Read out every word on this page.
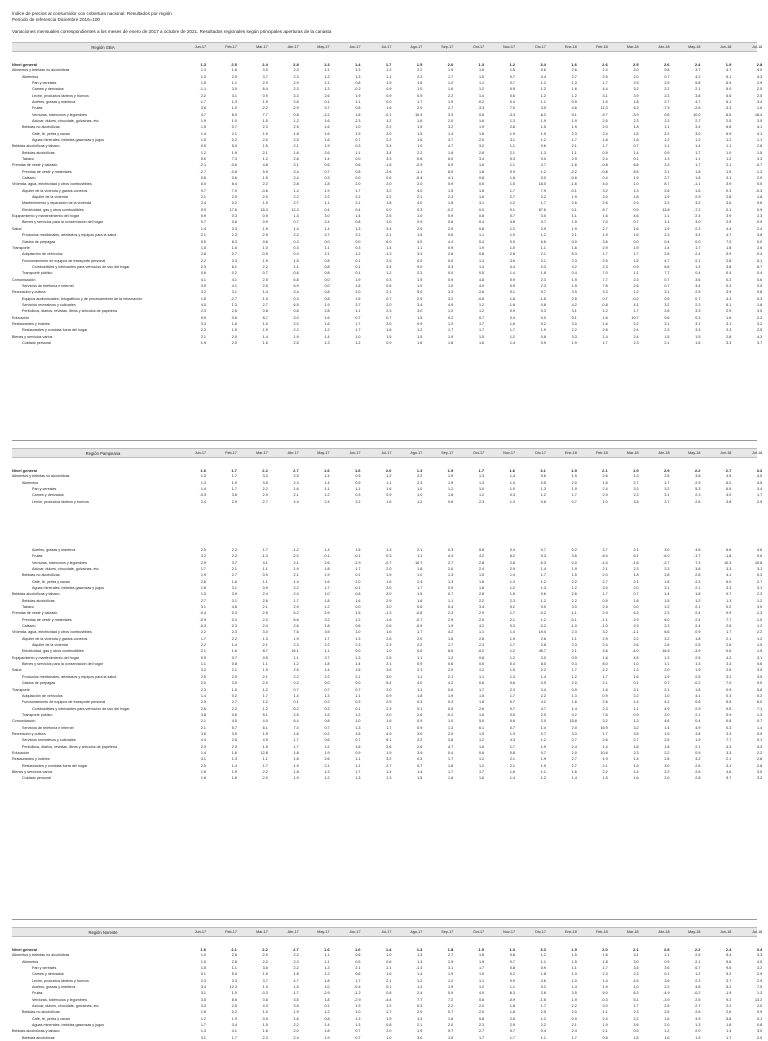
Índice de precios al consumidor con cobertura nacional. Resultados por región
Período de referencia Diciembre 2016=100
Variaciones mensuales correspondientes a los meses de enero de 2017 a octubre de 2021. Resultados regionales según principales aperturas de la canasta
Región GBA	Jun-17	Feb-17	Mar-17	Abr-17	May-17	Jun-17	Jul-17	Ago-17	Sep-17	Oct-17	Nov-17	Dic-17	Ene-18	Feb-18	Mar-18	Abr-18	May-18	Jun-18	Jul-18
Nivel general	1.3	2.5	2.4	2.8	1.3	1.4	1.7	1.5	2.0	1.3	1.2	3.4	1.6	2.6	2.5	2.6	2.4	1.9	2.8
Alimentos y bebidas no alcohólicas	1.3	1.6	3.5	2.3	1.1	1.3	1.2	2.2	1.9	1.6	1.5	0.6	2.6	2.4	2.0	0.8	3.7	4.7	4.0
Alimentos	1.3	2.0	3.7	2.3	1.3	1.3	1.1	2.3	1.7	1.5	0.7	0.4	2.7	2.5	2.0	0.7	4.2	5.1	4.3
Pan y cereales	1.5	1.1	2.0	2.9	2.1	0.8	1.9	1.6	1.2	1.1	0.7	1.2	1.3	1.7	2.9	2.9	5.8	6.9	2.9
Carnes y derivados	-1.1	3.0	6.4	2.3	1.3	-0.2	0.9	1.0	1.6	1.2	0.9	1.2	1.6	4.4	3.2	2.2	2.1	5.0	2.5
Leche, productos lácteos y huevos	2.2	3.1	0.9	3.3	2.6	1.9	0.9	0.9	2.2	1.4	0.6	1.2	1.2	3.1	3.9	2.3	3.8	5.6	2.5
Aceites, grasas y manteca	1.7	1.3	1.9	2.6	0.1	1.1	0.0	1.7	1.9	-0.2	0.4	1.1	0.9	1.5	1.8	2.7	4.7	6.1	3.4
Frutas	3.6	1.0	-2.2	-2.9	3.7	0.8	1.6	2.0	2.7	3.3	7.0	3.0	4.6	11.3	6.3	-7.5	-2.6	-3.3	1.6
Verduras, tubérculos y legumbres	4.7	8.9	7.7	0.8	-2.2	1.8	-0.1	10.3	3.3	0.6	-3.3	-8.2	9.1	-9.7	-3.9	0.6	10.0	6.5	16.4
Azúcar, dulces, chocolate, golosinas, etc.	1.9	1.0	1.5	1.2	1.6	2.3	1.2	1.6	2.0	1.6	1.3	1.9	1.9	2.5	2.3	1.3	2.7	2.5	3.5
Bebidas no alcohólicas	1.5	0.7	2.3	2.5	1.6	1.0	2.2	1.5	3.2	1.9	2.8	1.5	1.9	2.0	1.8	1.1	3.4	6.8	4.1
Café, té, yerba y cacao	1.4	2.1	1.9	1.8	1.6	1.9	2.0	1.5	1.4	1.6	1.9	1.9	2.3	2.4	1.5	2.2	3.0	6.9	4.1
Aguas minerales, bebidas gaseosas y jugos	1.5	0.2	2.0	2.5	1.6	0.7	2.2	1.6	3.7	2.0	3.1	1.2	1.7	1.8	1.6	1.2	1.2	1.2	1.1
Bebidas alcohólicas y tabaco	0.5	5.0	1.5	2.1	1.9	0.3	3.4	1.0	4.7	3.2	1.1	0.6	2.1	1.7	0.7	1.1	1.4	1.1	2.6
Bebidas alcohólicas	1.2	1.9	2.1	1.6	2.6	1.1	3.4	2.2	1.6	2.8	2.1	1.3	1.1	0.9	1.4	0.9	1.7	1.0	1.5
Tabaco	0.0	7.3	1.2	2.8	1.4	0.0	3.3	0.6	6.0	3.4	0.3	0.0	2.9	2.4	0.1	1.3	1.1	1.2	3.3
Prendas de vestir y calzado	-2.1	-0.6	4.8	3.1	0.6	0.6	-1.6	-0.9	0.9	1.6	1.1	0.7	-1.6	-0.8	6.8	3.3	1.7	2.1	-0.7
Prendas de vestir y materiales	-2.7	-0.8	5.9	3.4	0.7	0.8	-2.6	-1.1	8.5	1.8	0.9	1.2	-2.2	-0.8	8.5	3.1	1.8	1.5	-1.3
Calzado	0.6	0.6	1.5	2.4	0.3	0.0	0.6	-0.4	4.1	0.8	1.8	0.0	-0.6	0.4	1.9	3.7	1.8	3.1	2.0
Vivienda, agua, electricidad y otros combustibles	0.0	8.4	2.2	2.8	1.8	2.0	2.0	2.0	0.9	0.5	1.5	18.0	-1.6	4.0	1.0	8.7	-1.1	3.9	0.0
Alquiler de la vivienda y gastos conexos	0.7	7.0	-0.6	1.4	1.9	1.7	3.2	4.0	1.5	1.6	1.7	7.9	-0.1	3.2	1.3	2.6	1.6	0.3	-0.3
Alquiler de la vivienda	2.1	2.0	2.0	2.2	2.2	2.2	2.2	2.1	2.3	1.6	2.7	2.2	1.9	2.0	1.8	1.9	2.9	2.8	1.8
Mantenimiento y reparación de la vivienda	2.4	0.2	1.5	2.7	1.1	2.1	1.8	4.0	1.8	3.1	1.2	1.7	2.6	2.6	2.9	2.2	3.2	3.6	0.6
Electricidad, gas y otros combustibles	0.0	17.6	15.3	12.3	0.4	0.4	0.0	0.3	-0.2	0.0	0.1	57.6	0.1	8.7	0.9	13.8	-7.2	0.1	0.9
Equipamiento y mantenimiento del hogar	0.9	0.3	0.9	1.3	3.0	1.4	2.5	1.0	0.9	0.8	0.7	3.0	1.1	1.6	4.6	1.1	2.3	3.9	2.3
Bienes y servicios para la conservación del hogar	0.7	0.6	0.9	0.7	2.4	0.8	1.0	0.9	0.6	0.4	4.8	0.7	1.9	7.0	0.7	1.1	3.0	2.9	0.9
Salud	1.4	3.3	1.9	1.4	1.4	1.3	3.4	2.9	2.0	0.8	1.2	2.9	1.9	2.7	1.6	1.9	2.3	4.4	2.4
Productos medicinales, artefactos y equipos para la salud	2.1	2.3	2.9	2.2	2.7	2.2	2.1	1.5	0.6	1.1	1.9	1.2	2.1	1.9	1.6	2.3	3.4	4.7	3.8
Gastos de prepagas	0.0	6.3	0.6	0.3	0.0	0.0	6.0	4.9	4.4	0.4	0.0	6.6	0.0	3.6	0.0	0.4	0.0	7.0	0.0
Transporte	1.0	1.0	1.0	0.3	1.1	0.3	1.4	1.1	0.9	1.9	1.0	1.1	1.6	2.9	1.9	1.4	1.7	1.8	2.6
Adquisición de vehículos	2.8	0.7	-0.5	0.4	2.1	1.2	-1.3	3.4	2.6	0.8	2.8	2.1	5.3	1.7	1.7	2.8	2.4	0.9	0.4
Funcionamiento de equipos de transporte personal	2.2	3.3	1.9	1.5	0.8	0.1	2.6	0.0	0.0	1.3	3.6	2.1	2.3	2.5	1.5	4.7	2.1	2.8	5.1
Combustibles y lubricantes para vehículos de uso del hogar	2.3	6.1	2.2	1.1	0.8	0.1	3.4	0.0	0.3	1.4	4.4	0.3	4.2	2.3	0.9	6.6	1.3	3.8	6.7
Transporte público	0.6	0.2	0.7	-0.8	0.8	0.1	1.2	2.3	0.0	0.5	1.4	1.6	0.4	7.0	1.1	7.7	0.4	0.4	0.4
Comunicación	4.1	4.1	2.5	6.8	0.0	1.9	0.3	1.9	0.9	4.8	0.9	2.3	1.9	7.7	2.3	0.7	3.6	0.2	0.6
Servicios de telefonía e internet	3.9	4.1	2.5	6.9	0.0	1.6	0.6	1.9	1.0	4.9	0.9	2.3	1.9	7.6	2.6	0.7	3.4	0.3	0.0
Recreación y cultura	3.2	3.1	1.4	3.4	0.8	2.0	2.1	5.0	3.3	2.6	0.1	0.7	3.9	3.3	1.2	2.1	2.5	3.9	0.8
Equipos audiovisuales, fotográficos y de procesamiento de la información	1.5	-2.7	1.3	0.3	0.8	1.5	0.7	2.9	3.2	-0.6	1.8	-1.6	2.5	0.7	-0.2	0.9	0.7	4.3	0.3
Servicios recreativos y culturales	4.0	1.3	2.7	6.5	1.9	3.7	2.0	3.4	4.9	1.2	-1.6	0.8	4.2	-0.8	4.1	3.2	2.3	5.1	1.8
Periódicos, diarios, revistas, libros y artículos de papelería	2.3	2.6	0.8	0.8	2.8	1.1	2.3	3.0	1.2	1.2	0.9	0.3	3.1	1.2	1.7	2.6	3.3	2.9	3.5
Educación	0.5	0.6	8.7	3.0	1.6	0.7	0.7	1.5	0.2	0.7	0.4	0.0	0.1	1.6	10.7	0.6	0.3	1.6	2.2
Restaurantes y hoteles	3.3	1.6	1.0	2.0	1.6	1.7	2.0	0.9	1.2	1.7	1.6	0.2	3.0	1.6	2.2	2.1	3.1	3.1	3.2
Restaurantes y comidas fuera del hogar	2.3	1.9	1.9	2.2	1.2	1.7	1.6	1.2	1.7	1.7	1.7	1.9	2.2	2.8	2.4	2.3	3.3	3.3	2.5
Bienes y servicios varios	2.1	2.0	1.4	1.9	1.4	1.0	1.5	1.5	1.9	1.5	1.2	0.8	3.3	1.4	2.4	1.5	1.5	2.8	4.3
Cuidado personal	1.9	2.0	1.5	2.5	1.3	1.2	0.9	1.6	1.8	1.6	1.4	0.9	1.9	1.7	2.3	2.1	1.6	3.3	3.7
Región Pampeana	Jun-17	Feb-17	Mar-17	Abr-17	May-17	Jun-17	Jul-17	Ago-17	Sep-17	Oct-17	Nov-17	Dic-17	Ene-18	Feb-18	Mar-18	Abr-18	May-18	Jun-18	Jul-18
Nivel general	1.6	1.7	2.2	2.7	1.6	1.6	2.0	1.3	1.9	1.7	1.6	3.1	1.9	2.1	1.9	2.9	2.2	2.7	3.3
Alimentos y bebidas no alcohólicas	1.3	1.7	3.3	2.5	1.4	0.9	1.2	2.2	1.9	1.3	1.4	0.6	1.9	2.6	1.3	2.6	3.8	4.5	4.0
Alimentos	1.3	1.9	3.5	2.3	1.4	0.9	1.1	2.3	1.9	1.3	1.3	0.5	2.0	1.6	2.7	1.7	2.9	6.0	4.5
Pan y cereales	1.4	1.7	2.2	1.6	1.1	1.1	1.6	1.0	1.2	1.0	1.0	1.3	1.9	2.4	3.3	3.2	5.3	6.5	3.4
Carnes y derivados	-0.3	3.6	2.9	2.1	1.2	0.3	0.9	1.0	1.6	1.2	0.3	1.2	1.7	2.9	2.3	3.1	2.3	4.0	1.7
Leche, productos lácteos y huevos	2.4	2.9	2.7	4.4	2.4	2.2	1.6	1.2	0.6	2.3	1.3	0.6	0.7	1.0	3.5	3.7	2.6	3.8	2.9
Aceites, grasas y manteca	2.5	2.2	1.7	-1.2	1.4	1.5	1.3	2.1	0.3	0.8	0.4	0.7	0.2	3.7	2.1	3.0	4.6	6.6	4.6
Frutas	3.2	2.2	-1.3	-2.0	-0.1	-0.1	0.3	1.1	4.4	4.2	6.2	0.3	3.6	8.4	6.1	-6.0	-1.7	-1.8	0.6
Verduras, tubérculos y legumbres	2.9	3.7	4.1	2.1	2.6	-2.9	-0.7	10.7	2.7	2.8	2.8	-9.3	0.0	-4.3	-1.6	-2.7	7.3	10.3	10.6
Azúcar, dulces, chocolate, golosinas, etc.	1.7	2.1	1.1	1.9	1.8	1.7	2.0	1.8	2.0	2.4	2.9	1.4	1.9	2.1	2.3	2.3	3.8	3.3	3.1
Bebidas no alcohólicas	1.9	2.7	0.9	2.1	1.9	0.1	1.9	1.0	1.3	1.5	1.4	1.7	1.5	2.0	1.8	2.8	2.8	4.1	0.3
Café, té, yerba y cacao	2.6	1.6	1.1	1.4	1.6	2.0	1.6	2.4	1.3	1.6	1.3	1.2	2.2	2.7	2.1	1.8	2.3	6.0	2.7
Aguas minerales, bebidas gaseosas y jugos	1.6	3.1	0.9	2.2	1.7	-0.1	2.0	1.7	0.9	1.6	1.2	1.3	1.2	3.0	2.0	2.1	2.1	3.3	3.1
Bebidas alcohólicas y tabaco	1.3	3.9	2.4	2.4	1.0	0.8	2.0	1.5	0.7	2.8	1.6	0.6	2.6	1.7	0.7	1.4	1.8	0.7	2.3
Bebidas alcohólicas	2.7	3.1	2.6	1.7	1.8	1.6	2.9	1.6	1.1	2.2	2.3	1.2	2.2	0.9	1.8	1.5	1.2	1.3	1.2
Tabaco	3.1	4.6	2.1	2.9	1.2	0.0	3.0	0.6	0.4	3.4	0.2	0.0	3.0	2.5	0.0	1.2	2.1	0.2	3.0
Prendas de vestir y calzado	-0.4	0.3	2.5	5.2	2.9	1.5	-1.3	-0.8	2.3	2.9	1.7	-0.2	-1.1	2.9	6.3	2.3	2.4	0.9	-1.3
Prendas de vestir y materiales	-0.9	0.3	2.3	6.6	3.2	1.2	-1.6	-0.7	2.9	2.5	2.1	1.2	-0.1	-1.1	2.9	6.0	2.4	7.7	-1.0
Calzado	-0.3	0.3	2.4	2.6	1.8	0.6	0.6	-0.9	1.9	4.2	0.3	-0.2	-1.0	-1.0	2.9	2.3	2.4	2.6	1.2
Vivienda, agua, electricidad y otros combustibles	2.2	2.3	3.0	7.6	3.9	1.0	1.6	1.7	4.2	1.1	1.4	19.0	2.3	3.2	-1.1	6.6	0.9	1.7	2.2
Alquiler de la vivienda y gastos conexos	1.7	2.2	1.3	1.9	1.7	1.3	2.6	2.0	1.6	2.8	1.9	2.6	1.1	2.9	2.2	3.2	1.8	2.1	1.2
Alquiler de la vivienda	2.2	1.4	2.1	2.3	2.2	2.3	2.3	2.2	1.7	2.3	1.7	2.8	2.3	2.4	2.6	2.6	2.5	2.6	1.5
Electricidad, gas y otros combustibles	2.1	1.6	8.7	16.1	1.1	0.0	1.0	0.0	8.5	-0.2	1.2	45.7	2.1	3.6	-4.0	16.6	-3.9	0.6	1.5
Equipamiento y mantenimiento del hogar	0.9	0.7	0.5	1.1	2.7	1.3	2.5	1.1	1.2	0.8	1.2	3.0	0.9	1.6	4.5	1.3	2.5	4.2	3.1
Bienes y servicios para la conservación del hogar	1.1	0.8	1.1	1.2	1.8	1.4	2.1	0.9	0.6	0.5	0.4	8.0	0.3	8.0	1.0	1.1	1.3	3.3	0.6
Salud	3.2	2.1	1.9	2.5	1.4	1.6	3.6	2.1	2.0	1.2	1.5	2.2	1.7	2.2	1.3	2.0	1.9	2.6	3.0
Productos medicinales, artefactos y equipos para la salud	2.5	2.0	2.1	2.2	2.2	2.1	3.0	1.1	2.1	1.1	1.3	1.4	1.2	1.7	1.6	1.9	2.5	3.2	3.5
Gastos de prepagas	2.0	3.0	2.0	0.2	0.0	0.0	5.4	4.0	4.2	0.6	0.6	0.9	2.0	2.1	0.1	0.7	-0.2	7.0	0.0
Transporte	2.3	1.0	1.2	0.7	0.7	0.7	2.0	1.1	0.6	1.7	2.3	3.4	0.9	1.6	3.1	2.1	1.8	0.9	5.8
Adquisición de vehículos	1.4	0.2	1.7	1.4	1.3	1.1	0.9	1.8	1.9	1.5	1.7	2.2	1.3	0.9	2.2	1.0	4.1	0.3	0.2
Funcionamiento de equipos de transporte personal	2.5	2.7	1.2	0.1	0.2	0.3	2.9	0.3	0.3	1.8	0.7	4.2	1.6	2.6	1.4	4.2	0.6	5.5	6.0
Combustibles y lubricantes para vehículos de uso del hogar	2.6	2.2	1.2	-0.2	0.3	0.1	2.3	0.1	0.5	2.6	0.7	4.7	1.4	2.3	1.1	4.9	2.9	0.5	7.1
Transporte público	3.8	0.6	5.1	2.5	1.5	1.2	2.0	2.6	-0.2	1.6	0.5	2.0	0.2	7.6	0.9	2.0	2.1	0.9	1.3
Comunicación	2.1	4.0	4.0	6.4	0.8	1.0	1.6	0.9	1.0	5.0	0.6	2.0	15.8	3.2	1.3	4.6	0.4	0.8	0.7
Servicios de telefonía e internet	2.1	5.7	6.1	7.4	0.7	1.3	1.7	0.9	1.3	6.1	0.7	1.4	2.0	15.9	3.2	1.4	4.9	0.3	1.4
Recreación y cultura	3.6	3.9	1.9	1.6	-0.2	1.6	4.9	3.0	2.0	1.9	1.3	0.7	3.3	1.7	3.5	1.9	3.8	3.3	0.9
Servicios recreativos y culturales	4.4	2.6	4.9	1.7	0.6	0.7	6.1	2.2	3.8	1.2	4.3	1.2	0.7	2.6	2.7	2.5	1.9	7.7	0.1
Periódicos, diarios, revistas, libros y artículos de papelería	2.3	2.0	1.5	1.7	2.2	1.8	2.6	2.6	4.7	1.6	1.7	1.9	2.4	1.4	1.8	1.8	2.1	4.3	4.3
Educación	1.4	1.6	12.8	1.8	1.9	0.9	1.9	3.9	0.4	0.6	0.8	0.7	2.0	10.6	2.3	2.2	0.9	3.3	2.2
Restaurantes y hoteles	3.1	1.3	1.1	1.8	2.6	1.1	3.2	0.3	1.7	1.2	2.1	1.9	2.7	1.9	1.4	2.8	3.2	2.1	2.8
Restaurantes y comidas fuera del hogar	2.5	1.4	1.7	1.9	2.1	1.1	2.7	0.7	1.8	1.2	2.1	1.9	2.7	2.1	1.9	3.0	2.6	3.1	2.8
Bienes y servicios varios	1.6	1.9	2.2	1.8	1.3	1.7	1.4	1.4	1.7	1.7	1.6	1.1	1.6	2.2	1.4	2.2	2.6	4.6	3.0
Cuidado personal	1.6	1.6	2.0	1.9	1.2	1.3	1.3	1.5	1.6	1.6	1.4	1.2	1.4	1.5	1.6	2.0	2.8	5.7	3.2
Región Noreste	Jun-17	Feb-17	Mar-17	Abr-17	May-17	Jun-17	Jul-17	Ago-17	Sep-17	Oct-17	Nov-17	Dic-17	Ene-18	Feb-18	Mar-18	Abr-18	May-18	Jun-18	Jul-18
Nivel general	1.6	2.1	2.2	2.7	1.6	1.6	1.4	1.3	1.8	1.9	1.3	3.3	1.9	2.0	2.1	2.8	2.2	2.4	3.4
Alimentos y bebidas no alcohólicas	1.0	2.6	2.0	2.2	1.1	0.6	1.0	1.3	2.7	1.8	0.8	1.2	1.5	1.6	3.1	1.1	2.5	5.4	3.3
Alimentos	1.0	2.8	2.2	2.3	1.1	0.5	0.6	1.4	2.9	1.9	0.7	1.1	1.5	1.8	3.0	0.9	2.1	5.6	4.5
Pan y cereales	1.5	1.1	3.6	2.2	1.3	2.1	2.1	-1.3	3.1	1.7	0.8	0.9	1.1	1.7	3.5	3.6	6.7	9.6	3.2
Carnes y derivados	0.1	5.0	1.9	1.8	1.2	0.6	1.6	1.4	1.9	1.0	0.2	1.8	1.3	2.3	2.3	0.1	1.2	5.2	2.9
Leche, productos lácteos y huevos	2.3	3.3	3.7	4.7	1.8	1.7	2.1	1.2	1.2	1.1	0.9	0.6	1.0	1.4	4.5	3.6	2.3	3.7	2.9
Aceites, grasas y manteca	3.4	12.3	1.3	1.5	1.0	-0.4	0.1	1.3	1.9	1.2	1.1	0.2	1.4	1.9	1.0	2.2	4.8	5.2	7.0
Frutas	3.1	1.0	-0.3	-1.7	-2.9	-1.2	0.8	2.4	5.9	4.9	6.3	2.6	3.5	9.0	6.3	-4.9	-0.2	-1.9	1.3
Verduras, tubérculos y legumbres	3.5	8.6	0.8	3.5	1.8	-2.9	-4.4	7.7	7.2	0.8	-0.9	-1.6	1.9	-0.3	5.1	-3.9	2.5	9.2	13.2
Azúcar, dulces, chocolate, golosinas, etc.	3.3	2.5	4.3	3.5	0.1	1.9	1.2	0.3	2.2	2.0	1.8	1.7	2.2	3.0	1.7	2.5	2.7	2.2	2.0
Bebidas no alcohólicas	1.6	0.2	1.0	1.9	1.2	1.0	1.7	2.0	0.7	2.0	1.8	2.5	2.0	1.1	2.3	2.5	2.6	2.6	0.9
Café, té, yerba y cacao	1.2	1.9	0.0	1.6	0.8	1.3	1.9	1.3	1.6	0.8	2.5	1.2	0.9	2.4	2.2	1.6	3.9	5.8	0.1
Aguas minerales, bebidas gaseosas y jugos	1.7	3.4	1.5	2.2	1.4	1.3	0.8	2.1	2.0	2.3	2.9	2.2	2.1	1.9	3.6	2.0	1.3	1.8	0.8
Bebidas alcohólicas y tabaco	1.3	4.1	1.6	2.0	1.8	0.7	2.0	1.9	0.7	2.7	0.7	0.4	2.4	2.1	0.5	1.2	2.0	1.4	3.0
Bebidas alcohólicas	3.1	1.7	2.3	2.4	1.9	0.7	1.0	3.0	1.5	1.7	1.7	1.1	1.7	0.6	1.5	1.6	1.9	1.7	2.0
